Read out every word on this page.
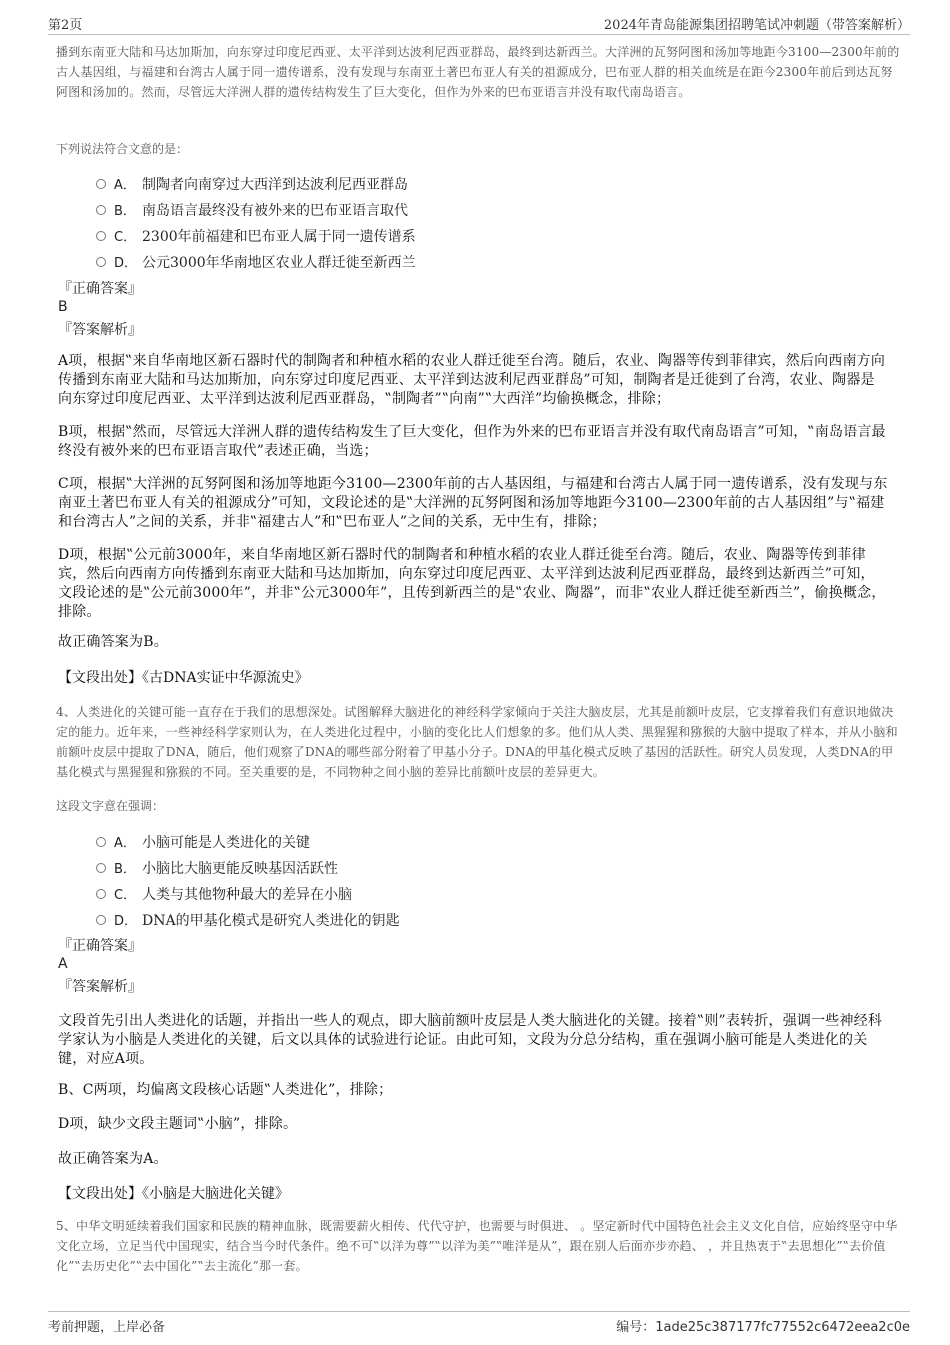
第2页	2024年青岛能源集团招聘笔试冲刺题（带答案解析）
播到东南亚大陆和马达加斯加，向东穿过印度尼西亚、太平洋到达波利尼西亚群岛，最终到达新西兰。大洋洲的瓦努阿图和汤加等地距今3100—2300年前的古人基因组，与福建和台湾古人属于同一遗传谱系，没有发现与东南亚土著巴布亚人有关的祖源成分，巴布亚人群的相关血统是在距今2300年前后到达瓦努阿图和汤加的。然而，尽管远大洋洲人群的遗传结构发生了巨大变化，但作为外来的巴布亚语言并没有取代南岛语言。
下列说法符合文意的是：
A． 制陶者向南穿过大西洋到达波利尼西亚群岛
B． 南岛语言最终没有被外来的巴布亚语言取代
C． 2300年前福建和巴布亚人属于同一遗传谱系
D． 公元3000年华南地区农业人群迁徙至新西兰
『正确答案』
B
『答案解析』
A项，根据‟来自华南地区新石器时代的制陶者和种植水稻的农业人群迁徙至台湾。随后，农业、陶器等传到菲律宾，然后向西南方向传播到东南亚大陆和马达加斯加，向东穿过印度尼西亚、太平洋到达波利尼西亚群岛”可知，制陶者是迁徙到了台湾，农业、陶器是向东穿过印度尼西亚、太平洋到达波利尼西亚群岛，‟制陶者”‟向南”‟大西洋”均偷换概念，排除；
B项，根据‟然而，尽管远大洋洲人群的遗传结构发生了巨大变化，但作为外来的巴布亚语言并没有取代南岛语言”可知，‟南岛语言最终没有被外来的巴布亚语言取代”表述正确，当选；
C项，根据‟大洋洲的瓦努阿图和汤加等地距今3100—2300年前的古人基因组，与福建和台湾古人属于同一遗传谱系，没有发现与东南亚土著巴布亚人有关的祖源成分”可知，文段论述的是‟大洋洲的瓦努阿图和汤加等地距今3100—2300年前的古人基因组”与‟福建和台湾古人”之间的关系，并非‟福建古人”和‟巴布亚人”之间的关系，无中生有，排除；
D项，根据‟公元前3000年，来自华南地区新石器时代的制陶者和种植水稻的农业人群迁徙至台湾。随后，农业、陶器等传到菲律宾，然后向西南方向传播到东南亚大陆和马达加斯加，向东穿过印度尼西亚、太平洋到达波利尼西亚群岛，最终到达新西兰”可知，文段论述的是‟公元前3000年”，并非‟公元3000年”，且传到新西兰的是‟农业、陶器”，而非‟农业人群迁徙至新西兰”，偷换概念，排除。
故正确答案为B。
【文段出处】《古DNA实证中华源流史》
4、人类进化的关键可能一直存在于我们的思想深处。试图解释大脑进化的神经科学家倾向于关注大脑皮层，尤其是前额叶皮层，它支撑着我们有意识地做决定的能力。近年来，一些神经科学家则认为，在人类进化过程中，小脑的变化比人们想象的多。他们从人类、黑猩猩和猕猴的大脑中提取了样本，并从小脑和前额叶皮层中提取了DNA，随后，他们观察了DNA的哪些部分附着了甲基小分子。DNA的甲基化模式反映了基因的活跃性。研究人员发现，人类DNA的甲基化模式与黑猩猩和猕猴的不同。至关重要的是，不同物种之间小脑的差异比前额叶皮层的差异更大。
这段文字意在强调：
A． 小脑可能是人类进化的关键
B． 小脑比大脑更能反映基因活跃性
C． 人类与其他物种最大的差异在小脑
D． DNA的甲基化模式是研究人类进化的钥匙
『正确答案』
A
『答案解析』
文段首先引出人类进化的话题，并指出一些人的观点，即大脑前额叶皮层是人类大脑进化的关键。接着‟则”表转折，强调一些神经科学家认为小脑是人类进化的关键，后文以具体的试验进行论证。由此可知，文段为分总分结构，重在强调小脑可能是人类进化的关键，对应A项。
B、C两项，均偏离文段核心话题‟人类进化”，排除；
D项，缺少文段主题词‟小脑”，排除。
故正确答案为A。
【文段出处】《小脑是大脑进化关键》
5、中华文明延续着我们国家和民族的精神血脉，既需要薪火相传、代代守护，也需要与时俱进、 。坚定新时代中国特色社会主义文化自信，应始终坚守中华文化立场，立足当代中国现实，结合当今时代条件。绝不可‟以洋为尊”‟以洋为美”‟唯洋是从”，跟在别人后面亦步亦趋、 ，并且热衷于‟去思想化”‟去价值化”‟去历史化”‟去中国化”‟去主流化”那一套。
考前押题，上岸必备	编号：1ade25c387177fc77552c6472eea2c0e
